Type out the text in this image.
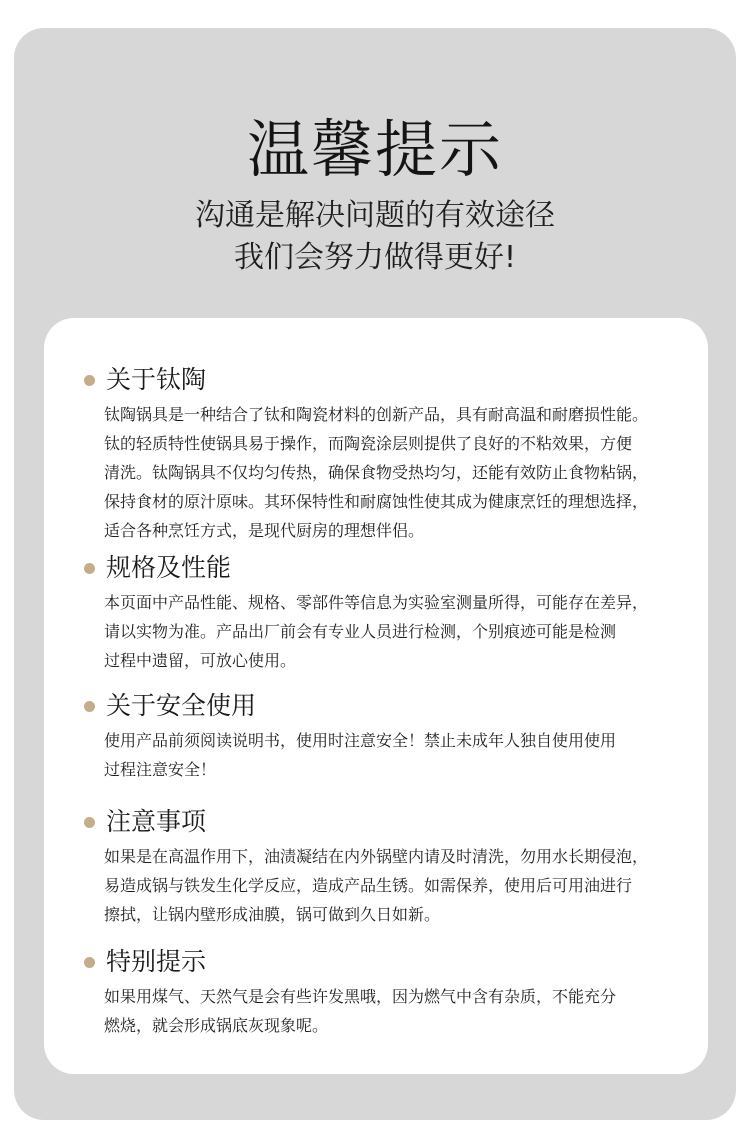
温馨提示
沟通是解决问题的有效途径
我们会努力做得更好!
关于钛陶

钛陶锅具是一种结合了钛和陶瓷材料的创新产品，具有耐高温和耐磨损性能。
钛的轻质特性使锅具易于操作，而陶瓷涂层则提供了良好的不粘效果，方便
清洗。钛陶锅具不仅均匀传热，确保食物受热均匀，还能有效防止食物粘锅，
保持食材的原汁原味。其环保特性和耐腐蚀性使其成为健康烹饪的理想选择，
适合各种烹饪方式，是现代厨房的理想伴侣。

规格及性能

本页面中产品性能、规格、零部件等信息为实验室测量所得，可能存在差异，
请以实物为准。产品出厂前会有专业人员进行检测，个别痕迹可能是检测
过程中遗留，可放心使用。

关于安全使用

使用产品前须阅读说明书，使用时注意安全！禁止未成年人独自使用使用
过程注意安全！

注意事项

如果是在高温作用下，油渍凝结在内外锅壁内请及时清洗，勿用水长期侵泡，
易造成锅与铁发生化学反应，造成产品生锈。如需保养，使用后可用油进行
擦拭，让锅内壁形成油膜，锅可做到久日如新。

特别提示

如果用煤气、天然气是会有些许发黑哦，因为燃气中含有杂质，不能充分
燃烧，就会形成锅底灰现象呢。
